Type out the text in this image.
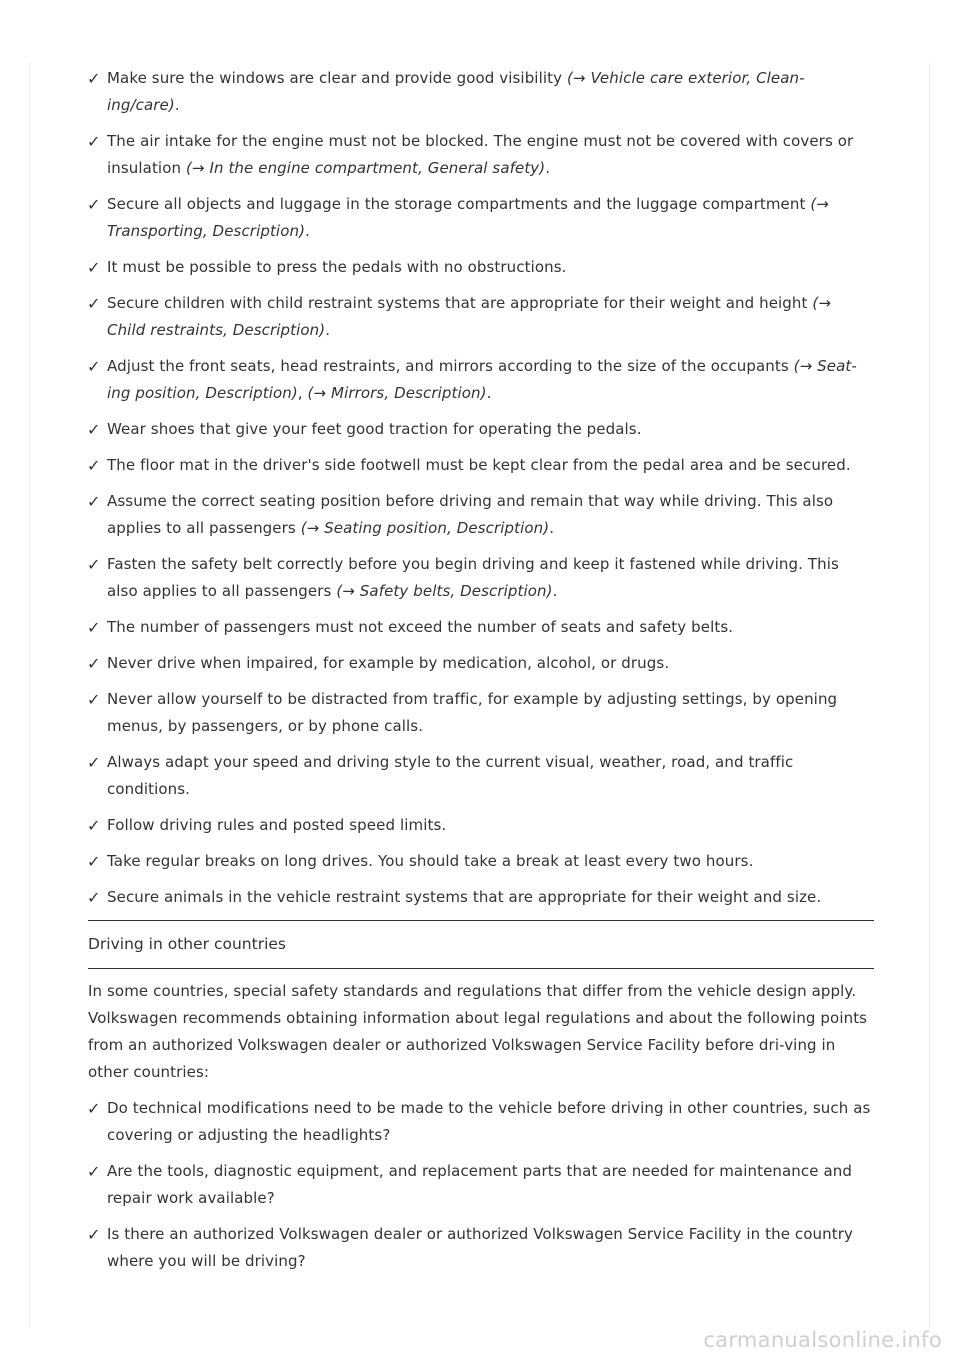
✓ Make sure the windows are clear and provide good visibility (→ Vehicle care exterior, Clean‐ing/care).
✓ The air intake for the engine must not be blocked. The engine must not be covered with covers or insulation (→ In the engine compartment, General safety).
✓ Secure all objects and luggage in the storage compartments and the luggage compartment (→ Transporting, Description).
✓ It must be possible to press the pedals with no obstructions.
✓ Secure children with child restraint systems that are appropriate for their weight and height (→ Child restraints, Description).
✓ Adjust the front seats, head restraints, and mirrors according to the size of the occupants (→ Seat‐ing position, Description), (→ Mirrors, Description).
✓ Wear shoes that give your feet good traction for operating the pedals.
✓ The floor mat in the driver's side footwell must be kept clear from the pedal area and be secured.
✓ Assume the correct seating position before driving and remain that way while driving. This also applies to all passengers (→ Seating position, Description).
✓ Fasten the safety belt correctly before you begin driving and keep it fastened while driving. This also applies to all passengers (→ Safety belts, Description).
✓ The number of passengers must not exceed the number of seats and safety belts.
✓ Never drive when impaired, for example by medication, alcohol, or drugs.
✓ Never allow yourself to be distracted from traffic, for example by adjusting settings, by opening menus, by passengers, or by phone calls.
✓ Always adapt your speed and driving style to the current visual, weather, road, and traffic conditions.
✓ Follow driving rules and posted speed limits.
✓ Take regular breaks on long drives. You should take a break at least every two hours.
✓ Secure animals in the vehicle restraint systems that are appropriate for their weight and size.
Driving in other countries
In some countries, special safety standards and regulations that differ from the vehicle design apply. Volkswagen recommends obtaining information about legal regulations and about the following points from an authorized Volkswagen dealer or authorized Volkswagen Service Facility before dri‐ving in other countries:
✓ Do technical modifications need to be made to the vehicle before driving in other countries, such as covering or adjusting the headlights?
✓ Are the tools, diagnostic equipment, and replacement parts that are needed for maintenance and repair work available?
✓ Is there an authorized Volkswagen dealer or authorized Volkswagen Service Facility in the country where you will be driving?
carmanualsonline.info
